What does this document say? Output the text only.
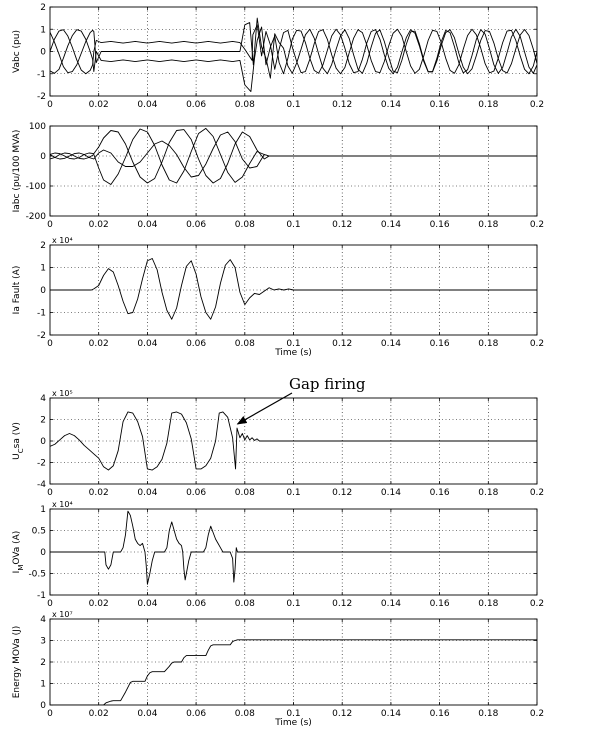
0	0.02	0.04	0.06	0.08	0.1	0.12	0.14	0.16	0.18	0.2
-2
-1
0
1
2
Vabc (pu)
0	0.02	0.04	0.06	0.08	0.1	0.12	0.14	0.16	0.18	0.2
-200
-100
0
100
Iabc (pu/100 MVA)
0	0.02	0.04	0.06	0.08	0.1	0.12	0.14	0.16	0.18	0.2
-2
-1
0
1
2
Ia Fault (A)
x 10⁴
Time (s)
0	0.02	0.04	0.06	0.08	0.1	0.12	0.14	0.16	0.18	0.2
-4
-2
0
2
4
$U_Csa$ (V)
x 10⁵
Gap firing
0	0.02	0.04	0.06	0.08	0.1	0.12	0.14	0.16	0.18	0.2
-1
-0.5
0
0.5
1
$I_MOVa$ (A)
x 10⁴
0	0.02	0.04	0.06	0.08	0.1	0.12	0.14	0.16	0.18	0.2
0
1
2
3
4
Energy MOVa (J)
x 10⁷
Time (s)
